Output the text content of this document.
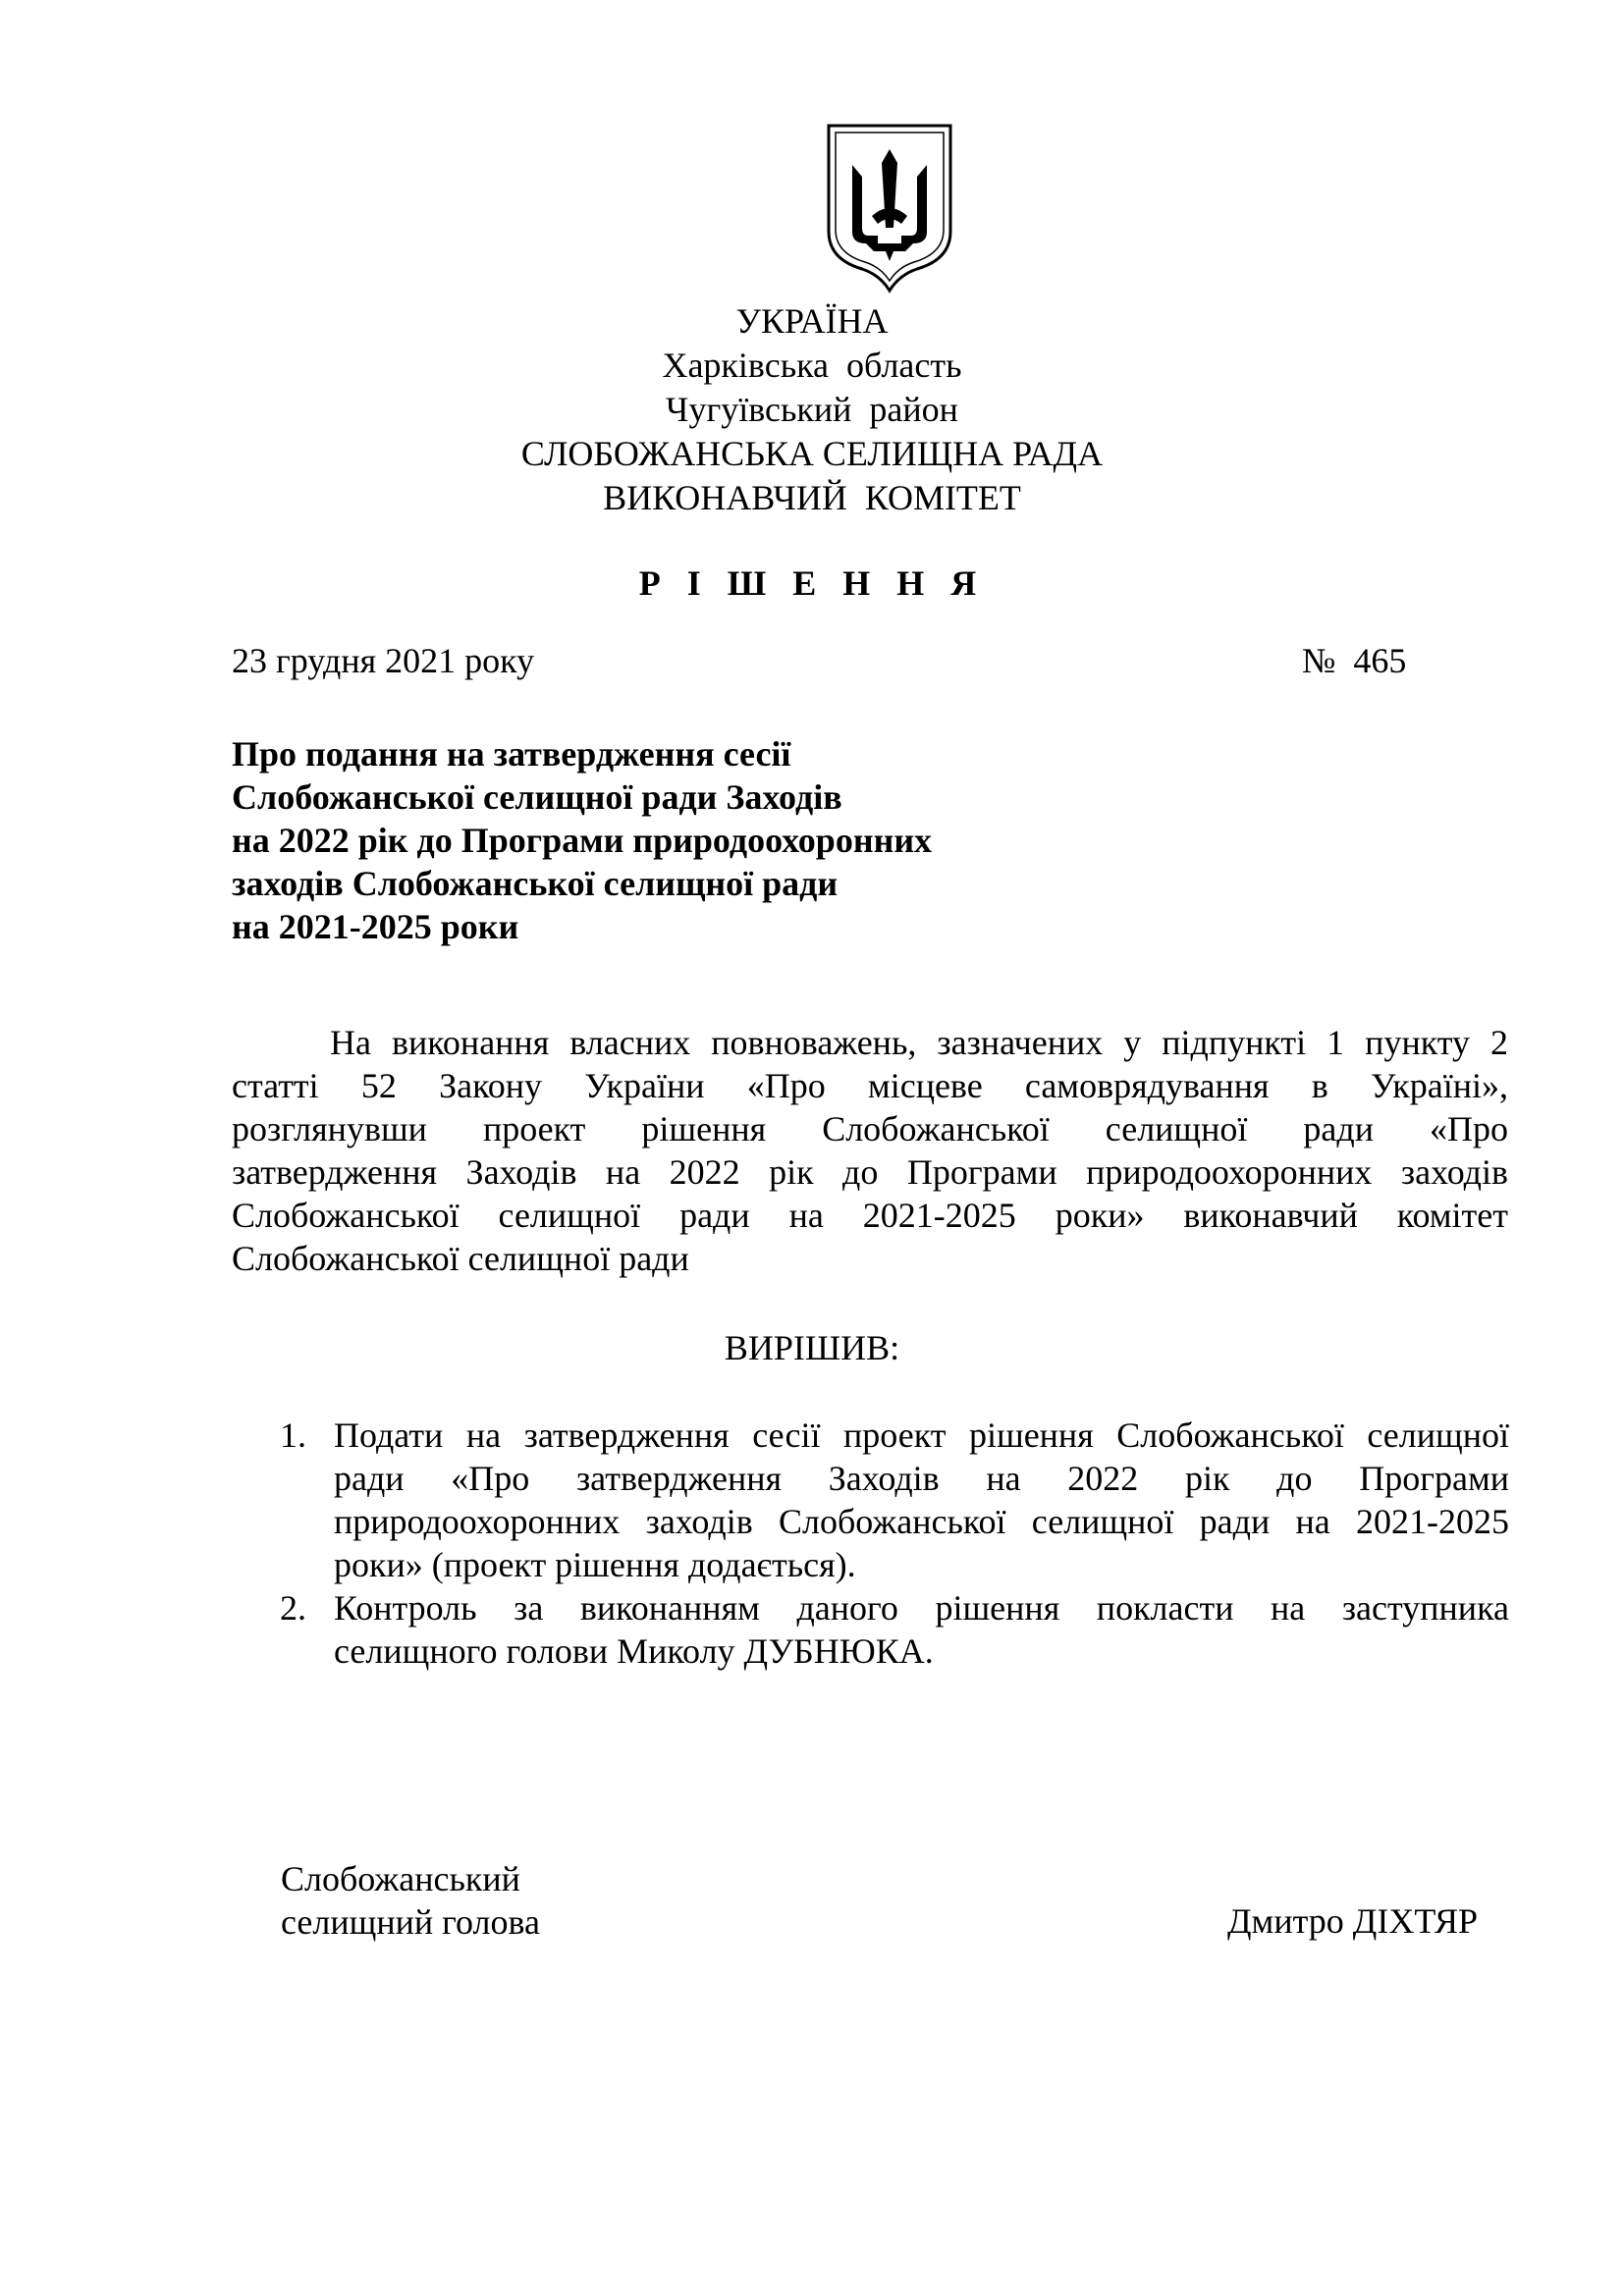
УКРАЇНА
Харківська  область
Чугуївський  район
СЛОБОЖАНСЬКА СЕЛИЩНА РАДА
ВИКОНАВЧИЙ  КОМІТЕТ
Р І Ш Е Н Н Я
23 грудня 2021 року	№  465
Про подання на затвердження сесії
Слобожанської селищної ради Заходів
на 2022 рік до Програми природоохоронних
заходів Слобожанської селищної ради
на 2021-2025 роки
На виконання власних повноважень, зазначених у підпункті 1 пункту 2
статті 52 Закону України «Про місцеве самоврядування в Україні»,
розглянувши проект рішення Слобожанської селищної ради «Про
затвердження Заходів на 2022 рік до Програми природоохоронних заходів
Слобожанської селищної ради на 2021-2025 роки» виконавчий комітет
Слобожанської селищної ради
ВИРІШИВ:
1. Подати на затвердження сесії проект рішення Слобожанської селищної
ради «Про затвердження Заходів на 2022 рік до Програми
природоохоронних заходів Слобожанської селищної ради на 2021-2025
роки» (проект рішення додається).
2. Контроль за виконанням даного рішення покласти на заступника
селищного голови Миколу ДУБНЮКА.
Слобожанський
селищний голова	Дмитро ДІХТЯР
